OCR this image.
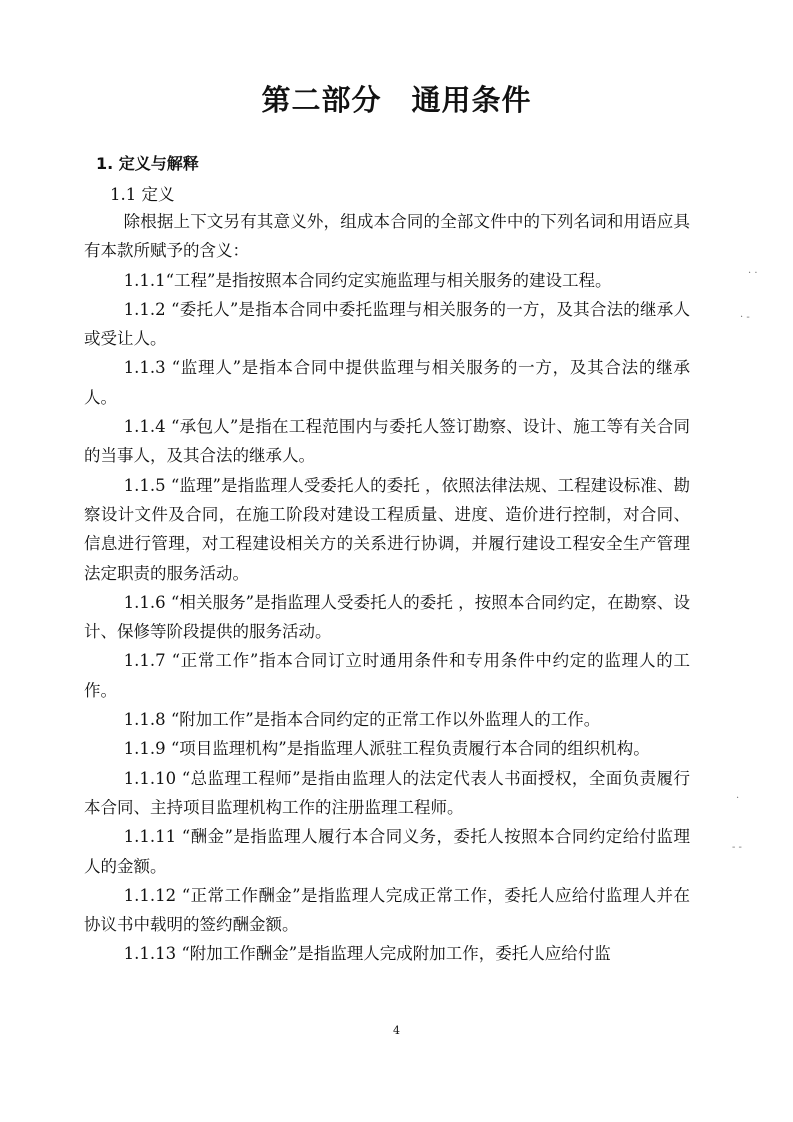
第二部分　通用条件
1. 定义与解释
1.1 定义

除根据上下文另有其意义外，组成本合同的全部文件中的下列名词和用语应具有本款所赋予的含义：

1.1.1“工程”是指按照本合同约定实施监理与相关服务的建设工程。

1.1.2 “委托人”是指本合同中委托监理与相关服务的一方，及其合法的继承人或受让人。

1.1.3 “监理人”是指本合同中提供监理与相关服务的一方，及其合法的继承人。

1.1.4 “承包人”是指在工程范围内与委托人签订勘察、设计、施工等有关合同的当事人，及其合法的继承人。

1.1.5 “监理”是指监理人受委托人的委托 ，依照法律法规、工程建设标准、勘察设计文件及合同，在施工阶段对建设工程质量、进度、造价进行控制，对合同、信息进行管理，对工程建设相关方的关系进行协调，并履行建设工程安全生产管理法定职责的服务活动。

1.1.6 “相关服务”是指监理人受委托人的委托 ，按照本合同约定，在勘察、设计、保修等阶段提供的服务活动。

1.1.7 “正常工作”指本合同订立时通用条件和专用条件中约定的监理人的工作。

1.1.8 “附加工作”是指本合同约定的正常工作以外监理人的工作。

1.1.9 “项目监理机构”是指监理人派驻工程负责履行本合同的组织机构。

1.1.10 “总监理工程师”是指由监理人的法定代表人书面授权，全面负责履行本合同、主持项目监理机构工作的注册监理工程师。

1.1.11 “酬金”是指监理人履行本合同义务，委托人按照本合同约定给付监理人的金额。

1.1.12 “正常工作酬金”是指监理人完成正常工作，委托人应给付监理人并在协议书中载明的签约酬金额。

1.1.13 “附加工作酬金”是指监理人完成附加工作，委托人应给付监

4
· ·
· -
·
- -
